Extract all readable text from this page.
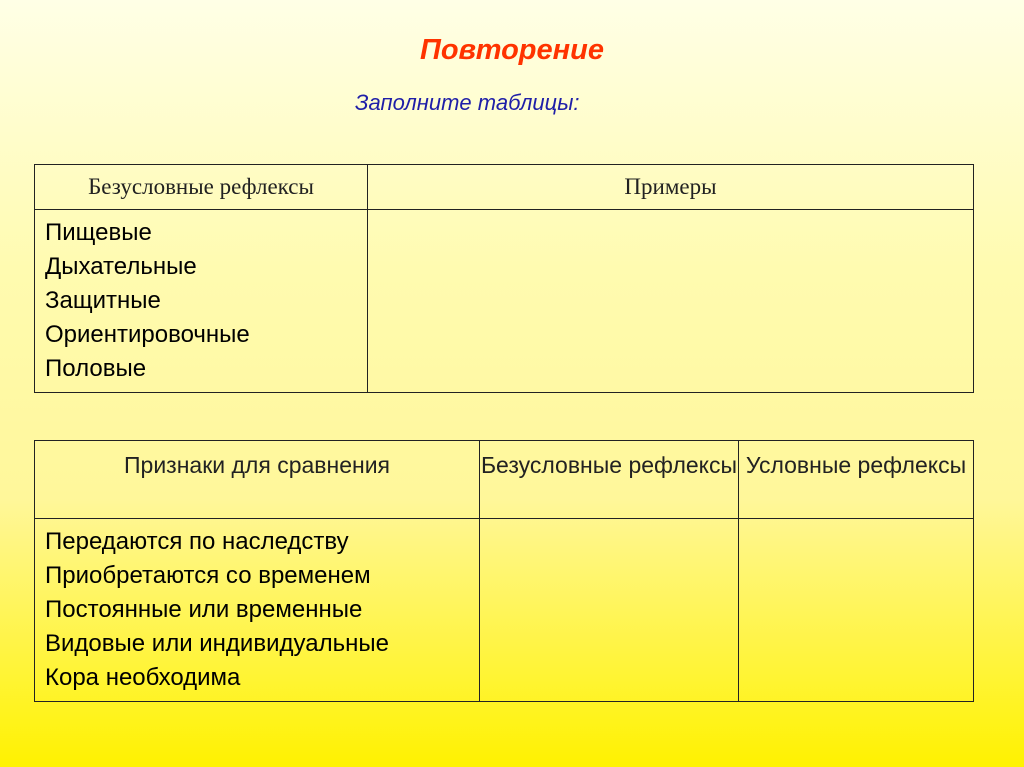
Повторение
Заполните таблицы:
Безусловные рефлексы	Примеры

Пищевые
Дыхательные
Защитные
Ориентировочные
Половые	

Признаки для сравнения	Безусловные рефлексы	Условные рефлексы

Передаются по наследству
Приобретаются со временем
Постоянные или временные
Видовые или индивидуальные
Кора необходима		
